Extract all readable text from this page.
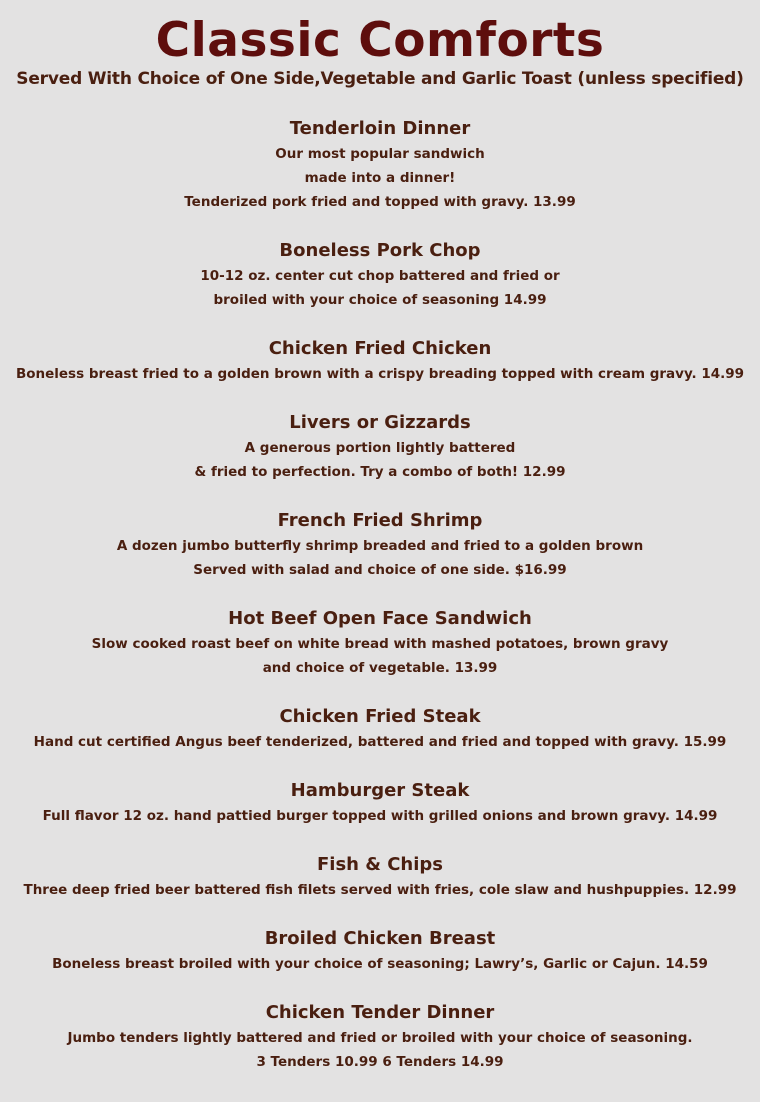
Classic Comforts

Served With Choice of One Side,Vegetable and Garlic Toast (unless specified)

Tenderloin Dinner

Our most popular sandwich

made into a dinner!

Tenderized pork fried and topped with gravy. 13.99

Boneless Pork Chop

10-12 oz. center cut chop battered and fried or

broiled with your choice of seasoning 14.99

Chicken Fried Chicken

Boneless breast fried to a golden brown with a crispy breading topped with cream gravy. 14.99

Livers or Gizzards

A generous portion lightly battered

& fried to perfection. Try a combo of both! 12.99

French Fried Shrimp

A dozen jumbo butterfly shrimp breaded and fried to a golden brown

Served with salad and choice of one side. $16.99

Hot Beef Open Face Sandwich

Slow cooked roast beef on white bread with mashed potatoes, brown gravy

and choice of vegetable. 13.99

Chicken Fried Steak

Hand cut certified Angus beef tenderized, battered and fried and topped with gravy. 15.99

Hamburger Steak

Full flavor 12 oz. hand pattied burger topped with grilled onions and brown gravy. 14.99

Fish & Chips

Three deep fried beer battered fish filets served with fries, cole slaw and hushpuppies. 12.99

Broiled Chicken Breast

Boneless breast broiled with your choice of seasoning; Lawry’s, Garlic or Cajun. 14.59

Chicken Tender Dinner

Jumbo tenders lightly battered and fried or broiled with your choice of seasoning.

3 Tenders 10.99 6 Tenders 14.99
